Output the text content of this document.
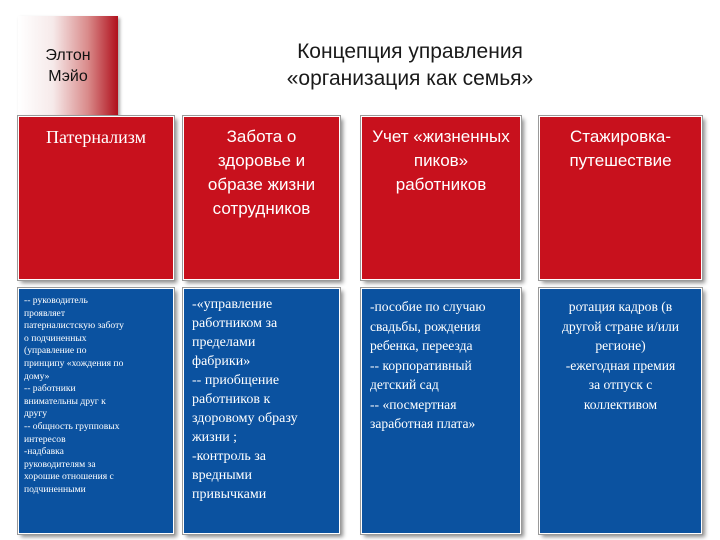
Элтон
Мэйо
Концепция управления
«организация как семья»
Патернализм	Забота о здоровье и образе жизни сотрудников
Учет «жизненных пиков» работников
Стажировка- путешествие
-- руководитель
проявляет
патерналистскую заботу
о подчиненных
(управление по
принципу «хождения по
дому»
-- работники
внимательны друг к
другу
-- общность групповых
интересов
-надбавка
руководителям за
хорошие отношения с
подчиненными
-«управление
работником за
пределами
фабрики»
-- приобщение
работников к
здоровому образу
жизни ;
-контроль за
вредными
привычками
-пособие по случаю
свадьбы, рождения
ребенка, переезда
-- корпоративный
детский сад
-- «посмертная
заработная плата»
ротация кадров (в
другой стране и/или
регионе)
-ежегодная премия
за отпуск с
коллективом
